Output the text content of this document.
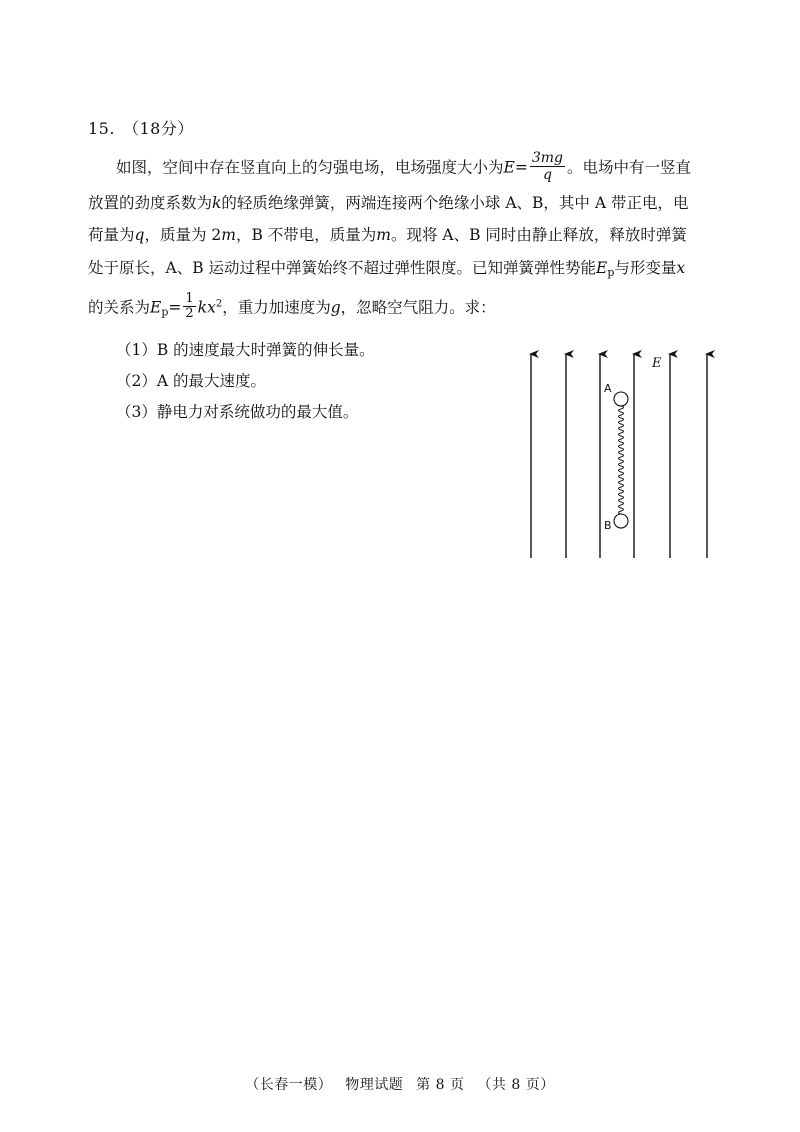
15. （18分）
如图，空间中存在竖直向上的匀强电场，电场强度大小为$E= \frac{3mg}{q}$ 。电场中有一竖直
放置的劲度系数为k的轻质绝缘弹簧，两端连接两个绝缘小球 A、B，其中 A 带正电，电
荷量为q，质量为 2m，B 不带电，质量为m。现将 A、B 同时由静止释放，释放时弹簧
处于原长，A、B 运动过程中弹簧始终不超过弹性限度。已知弹簧弹性势能$E_p$与形变量x
的关系为$E_p= \frac{1}{2} kx^2$，重力加速度为g，忽略空气阻力。求：
（1）B 的速度最大时弹簧的伸长量。
（2）A 的最大速度。
（3）静电力对系统做功的最大值。
E
A
B
（长春一模） 物理试题 第 8 页 （共 8 页）
